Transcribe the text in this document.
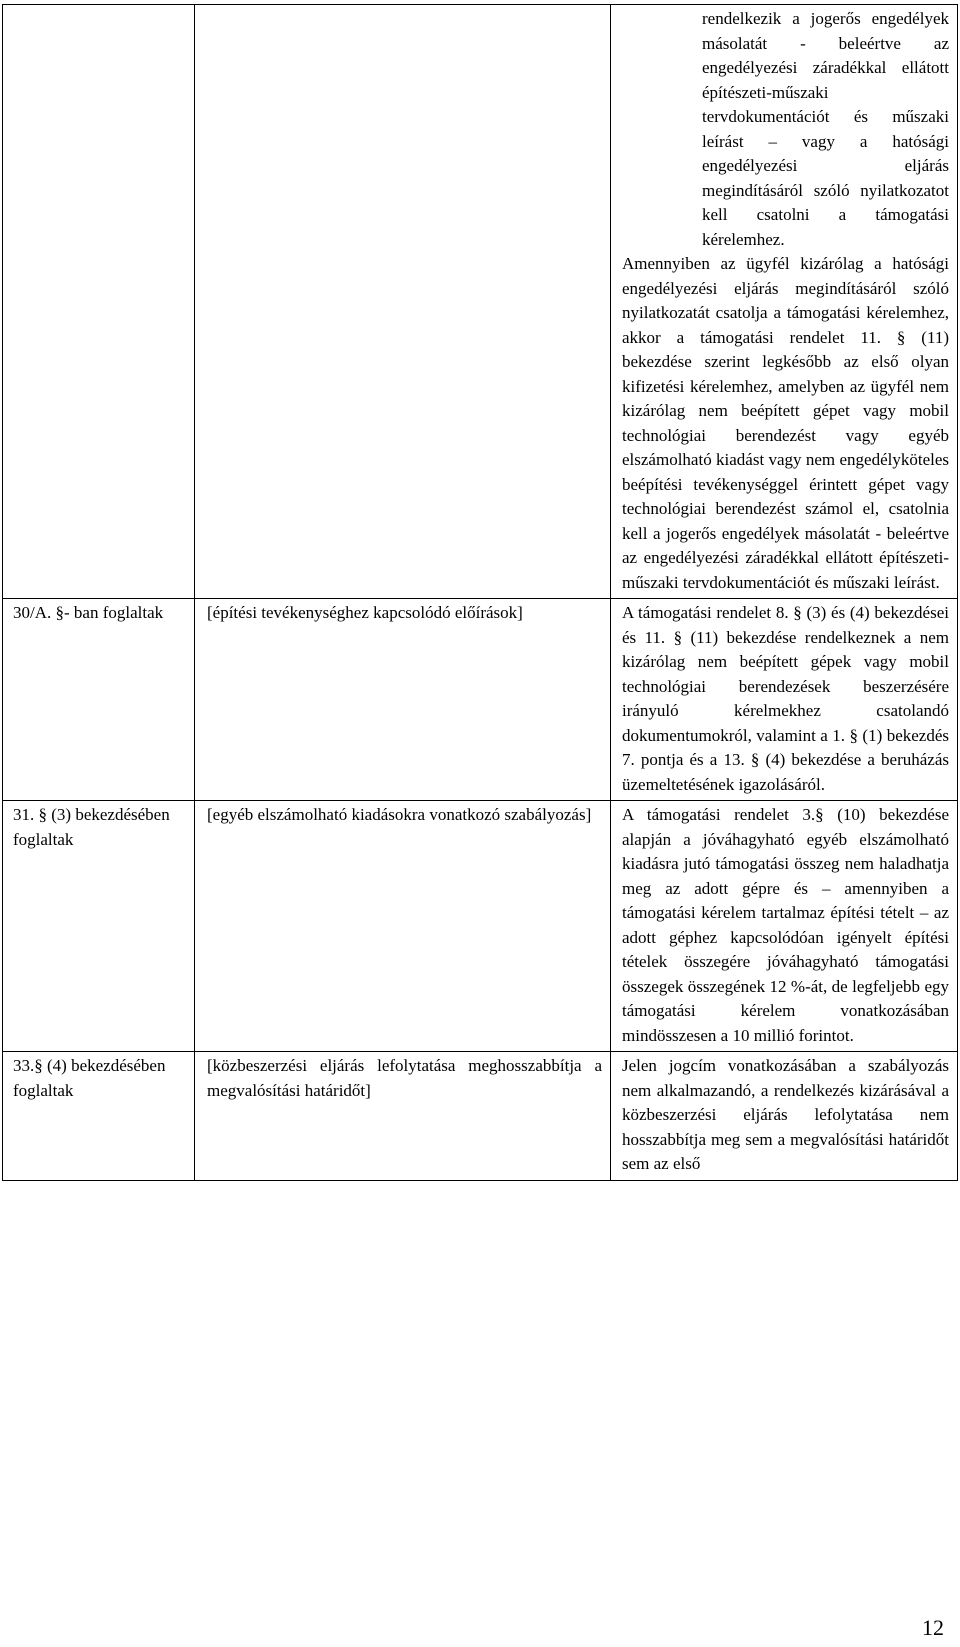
		rendelkezik a jogerős engedélyek másolatát - beleértve az engedélyezési záradékkal ellátott építészeti-műszaki tervdokumentációt és műszaki leírást – vagy a hatósági engedélyezési eljárás megindításáról szóló nyilatkozatot kell csatolni a támogatási kérelemhez.

Amennyiben az ügyfél kizárólag a hatósági engedélyezési eljárás megindításáról szóló nyilatkozatát csatolja a támogatási kérelemhez, akkor a támogatási rendelet 11. § (11) bekezdése szerint legkésőbb az első olyan kifizetési kérelemhez, amelyben az ügyfél nem kizárólag nem beépített gépet vagy mobil technológiai berendezést vagy egyéb elszámolható kiadást vagy nem engedélyköteles beépítési tevékenységgel érintett gépet vagy technológiai berendezést számol el, csatolnia kell a jogerős engedélyek másolatát - beleértve az engedélyezési záradékkal ellátott építészeti-műszaki tervdokumentációt és műszaki leírást.

30/A. §- ban foglaltak	[építési tevékenységhez kapcsolódó előírások]	A támogatási rendelet 8. § (3) és (4) bekezdései és 11. § (11) bekezdése rendelkeznek a nem kizárólag nem beépített gépek vagy mobil technológiai berendezések beszerzésére irányuló kérelmekhez csatolandó dokumentumokról, valamint a 1. § (1) bekezdés 7. pontja és a 13. § (4) bekezdése a beruházás üzemeltetésének igazolásáról.

31. § (3) bekezdésében foglaltak	[egyéb elszámolható kiadásokra vonatkozó szabályozás]	A támogatási rendelet 3.§ (10) bekezdése alapján a jóváhagyható egyéb elszámolható kiadásra jutó támogatási összeg nem haladhatja meg az adott gépre és – amennyiben a támogatási kérelem tartalmaz építési tételt – az adott géphez kapcsolódóan igényelt építési tételek összegére jóváhagyható támogatási összegek összegének 12 %-át, de legfeljebb egy támogatási kérelem vonatkozásában mindösszesen a 10 millió forintot.

33.§ (4) bekezdésében foglaltak	[közbeszerzési eljárás lefolytatása meghosszabbítja a megvalósítási határidőt]	Jelen jogcím vonatkozásában a szabályozás nem alkalmazandó, a rendelkezés kizárásával a közbeszerzési eljárás lefolytatása nem hosszabbítja meg sem a megvalósítási határidőt sem az első

12
